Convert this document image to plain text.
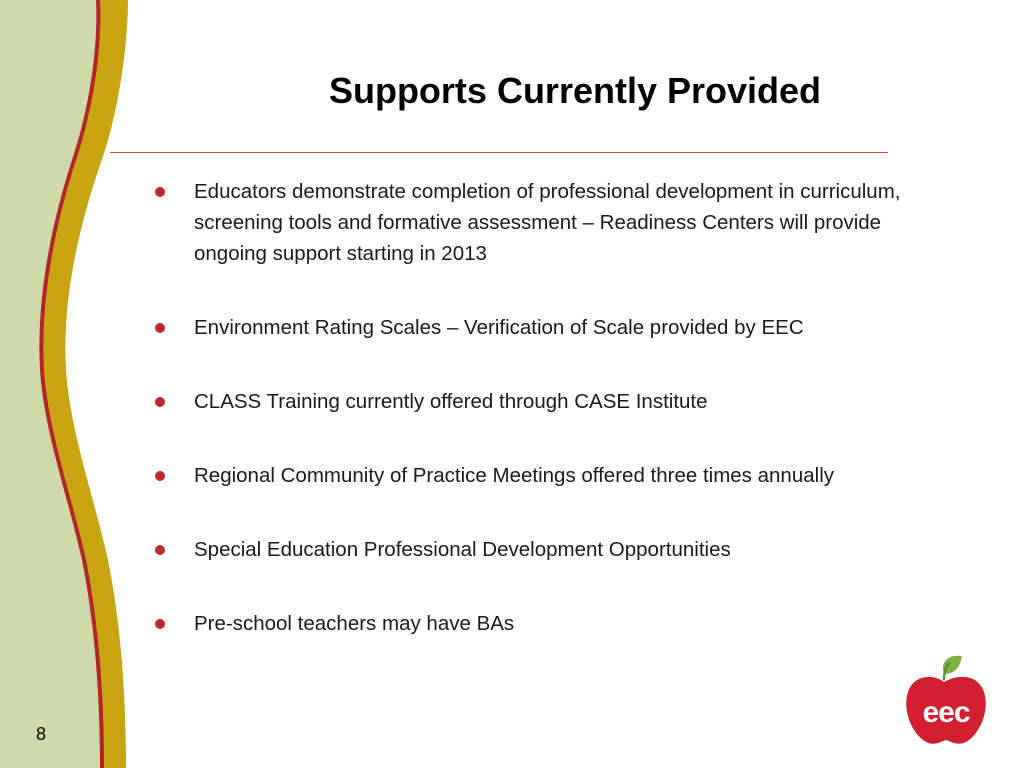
Supports Currently Provided
Educators demonstrate completion of professional development in curriculum, screening tools and formative assessment – Readiness Centers will provide ongoing support starting in 2013
Environment Rating Scales – Verification of Scale provided by EEC
CLASS Training currently offered through CASE Institute
Regional Community of Practice Meetings offered three times annually
Special Education Professional Development Opportunities
Pre-school teachers may have BAs
8
eec
